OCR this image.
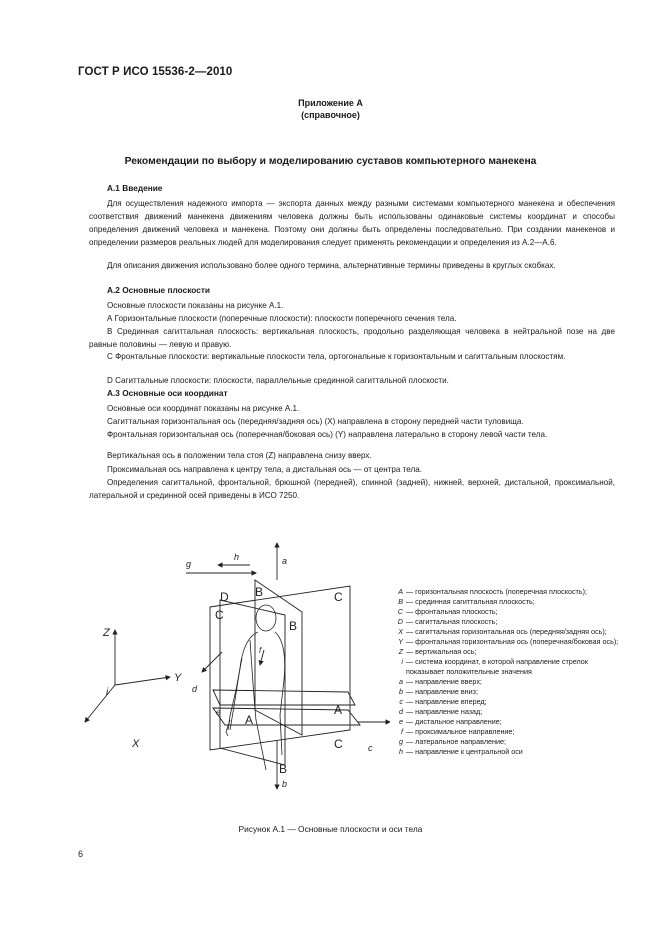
ГОСТ Р ИСО 15536-2—2010
Приложение А
(справочное)
Рекомендации по выбору и моделированию суставов компьютерного манекена
А.1 Введение
Для осуществления надежного импорта — экспорта данных между разными системами компьютерного манекена и обеспечения соответствия движений манекена движениям человека должны быть использованы одинаковые системы координат и способы определения движений человека и манекена. Поэтому они должны быть определены последовательно. При создании манекенов и определении размеров реальных людей для моделирования следует применять рекомендации и определения из А.2—А.6.
Для описания движения использовано более одного термина, альтернативные термины приведены в круглых скобках.
А.2 Основные плоскости
Основные плоскости показаны на рисунке А.1.
А Горизонтальные плоскости (поперечные плоскости): плоскости поперечного сечения тела.
В Срединная сагиттальная плоскость: вертикальная плоскость, продольно разделяющая человека в нейтральной позе на две равные половины — левую и правую.
С Фронтальные плоскости: вертикальные плоскости тела, ортогональные к горизонтальным и сагиттальным плоскостям.
D Сагиттальные плоскости: плоскости, параллельные срединной сагиттальной плоскости.
А.3 Основные оси координат
Основные оси координат показаны на рисунке А.1.
Сагиттальная горизонтальная ось (передняя/задняя ось) (X) направлена в сторону передней части туловища.
Фронтальная горизонтальная ось (поперечная/боковая ось) (Y) направлена латерально в сторону левой части тела.
Вертикальная ось в положении тела стоя (Z) направлена снизу вверх.
Проксимальная ось направлена к центру тела, а дистальная ось — от центра тела.
Определения сагиттальной, фронтальной, брюшной (передней), спинной (задней), нижней, верхней, дистальной, проксимальной, латеральной и срединной осей приведены в ИСО 7250.
Z
Y
X
i
a
b
c
d
g
h
f
e
D B
C
C
B
A
A
C
B
A — горизонтальная плоскость (поперечная плоскость);
B — срединная сагиттальная плоскость;
C — фронтальная плоскость;
D — сагиттальная плоскость;
X — сагиттальная горизонтальная ось (передняя/задняя ось);
Y — фронтальная горизонтальная ось (поперечная/боковая ось);
Z — вертикальная ось;
i — система координат, в которой направление стрелок показывает положительные значения
a — направление вверх;
b — направление вниз;
c — направление вперед;
d — направление назад;
e — дистальное направление;
f — проксимальное направление;
g — латеральное направление;
h — направление к центральной оси
Рисунок А.1 — Основные плоскости и оси тела
6
